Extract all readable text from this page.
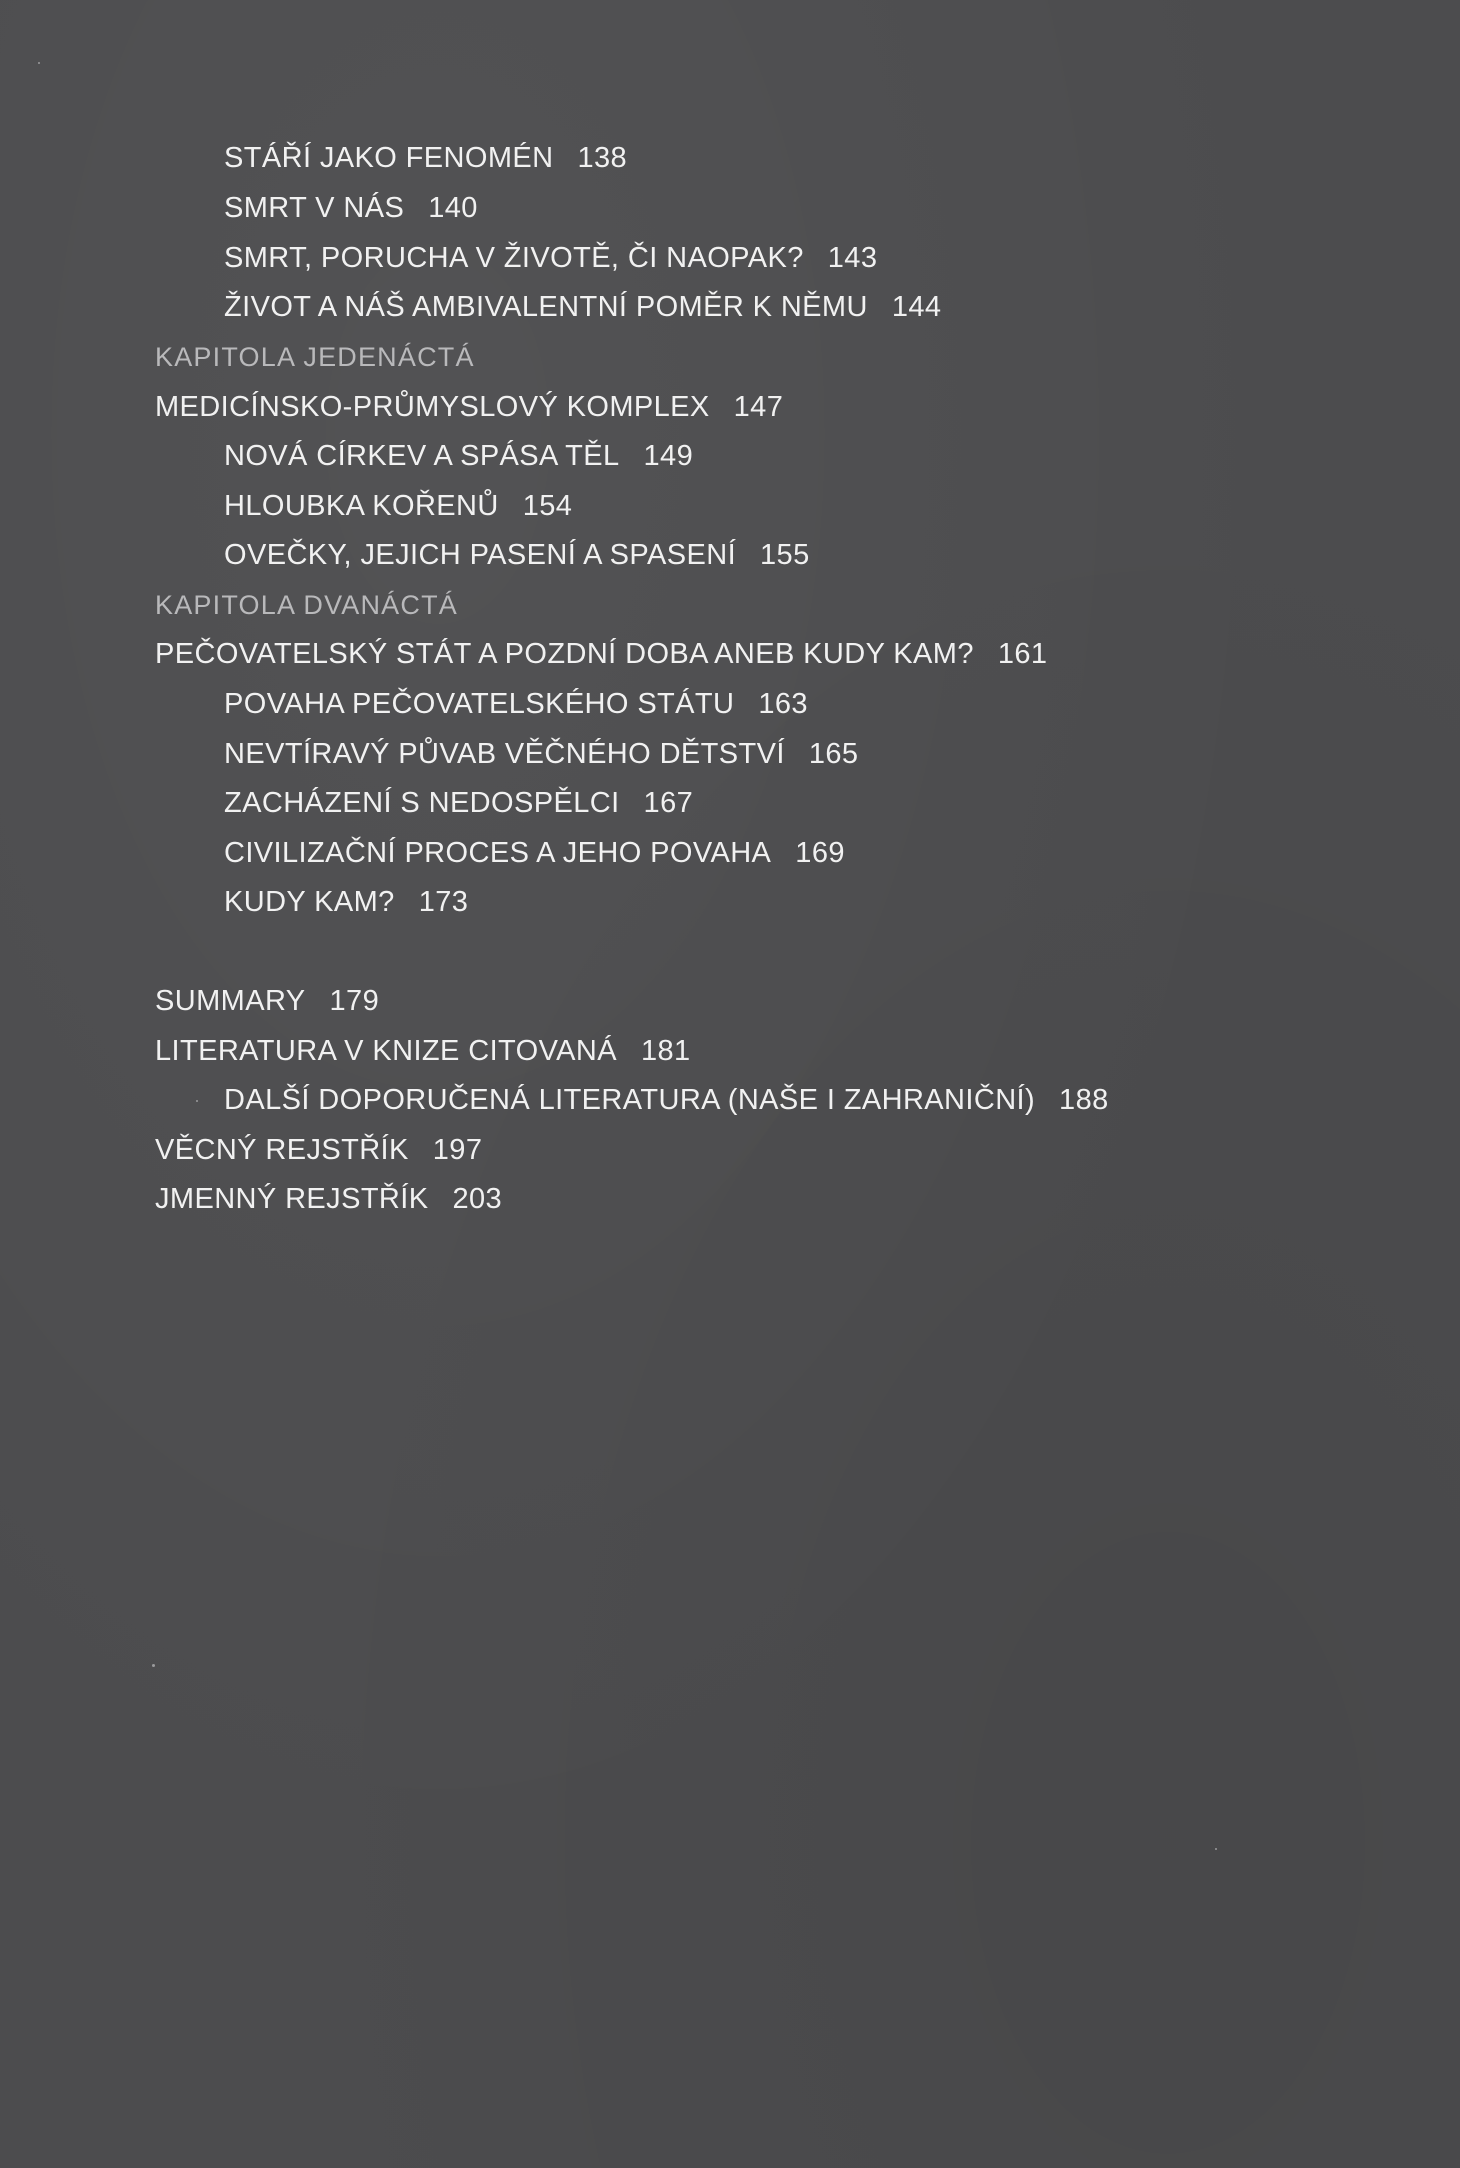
STÁŘÍ JAKO FENOMÉN 138
SMRT V NÁS 140
SMRT, PORUCHA V ŽIVOTĚ, ČI NAOPAK? 143
ŽIVOT A NÁŠ AMBIVALENTNÍ POMĚR K NĚMU 144
KAPITOLA JEDENÁCTÁ
MEDICÍNSKO-PRŮMYSLOVÝ KOMPLEX 147
NOVÁ CÍRKEV A SPÁSA TĚL 149
HLOUBKA KOŘENŮ 154
OVEČKY, JEJICH PASENÍ A SPASENÍ 155
KAPITOLA DVANÁCTÁ
PEČOVATELSKÝ STÁT A POZDNÍ DOBA ANEB KUDY KAM? 161
POVAHA PEČOVATELSKÉHO STÁTU 163
NEVTÍRAVÝ PŮVAB VĚČNÉHO DĚTSTVÍ 165
ZACHÁZENÍ S NEDOSPĚLCI 167
CIVILIZAČNÍ PROCES A JEHO POVAHA 169
KUDY KAM? 173
SUMMARY 179
LITERATURA V KNIZE CITOVANÁ 181
DALŠÍ DOPORUČENÁ LITERATURA (NAŠE I ZAHRANIČNÍ) 188
VĚCNÝ REJSTŘÍK 197
JMENNÝ REJSTŘÍK 203
